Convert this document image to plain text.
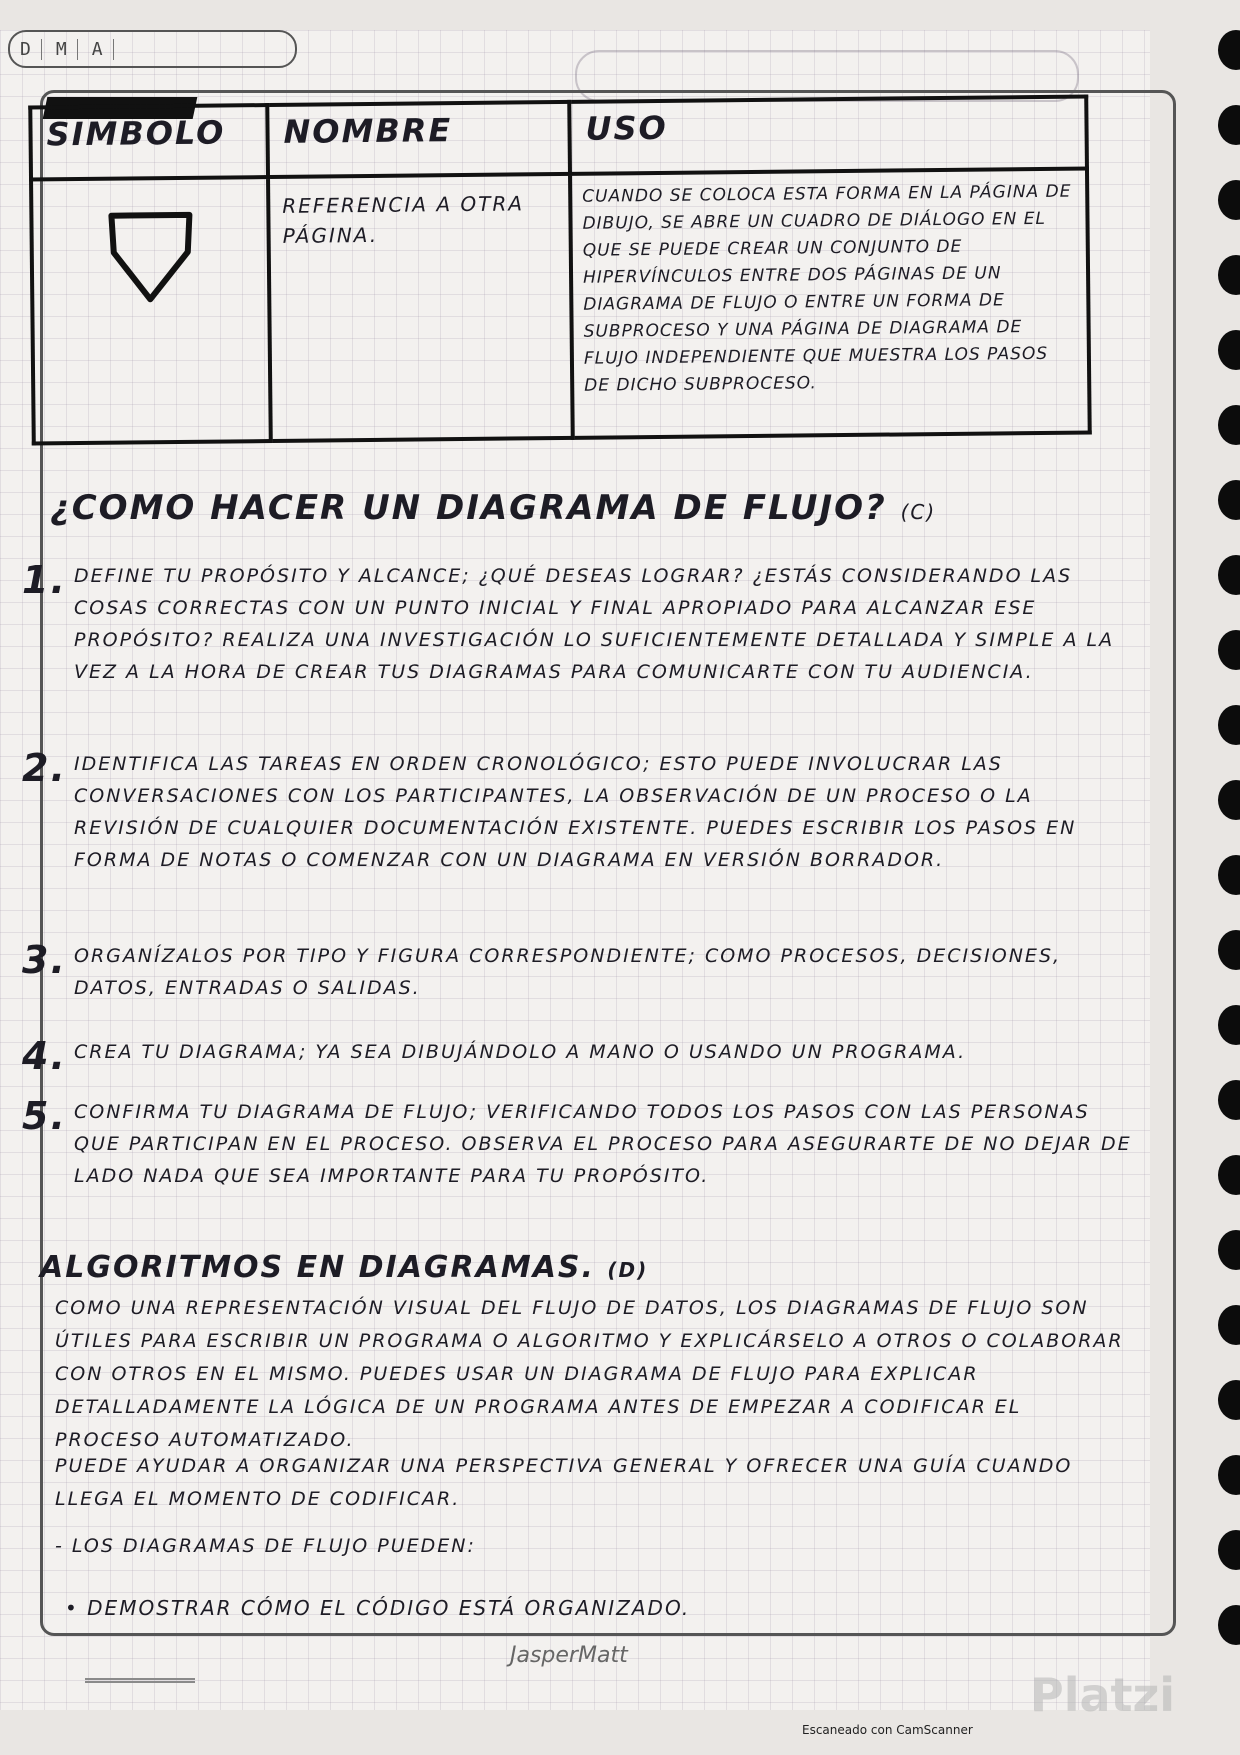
D	M	A
SIMBOLO	NOMBRE	USO

	REFERENCIA A OTRA PÁGINA.	CUANDO SE COLOCA ESTA FORMA EN LA PÁGINA DE DIBUJO, SE ABRE UN CUADRO DE DIÁLOGO EN EL QUE SE PUEDE CREAR UN CONJUNTO DE HIPERVÍNCULOS ENTRE DOS PÁGINAS DE UN DIAGRAMA DE FLUJO O ENTRE UN FORMA DE SUBPROCESO Y UNA PÁGINA DE DIAGRAMA DE FLUJO INDEPENDIENTE QUE MUESTRA LOS PASOS DE DICHO SUBPROCESO.
¿COMO HACER UN DIAGRAMA DE FLUJO? (C)
1. DEFINE TU PROPÓSITO Y ALCANCE; ¿QUÉ DESEAS LOGRAR? ¿ESTÁS CONSIDERANDO LAS COSAS CORRECTAS CON UN PUNTO INICIAL Y FINAL APROPIADO PARA ALCANZAR ESE PROPÓSITO? REALIZA UNA INVESTIGACIÓN LO SUFICIENTEMENTE DETALLADA Y SIMPLE A LA VEZ A LA HORA DE CREAR TUS DIAGRAMAS PARA COMUNICARTE CON TU AUDIENCIA.
2. IDENTIFICA LAS TAREAS EN ORDEN CRONOLÓGICO; ESTO PUEDE INVOLUCRAR LAS CONVERSACIONES CON LOS PARTICIPANTES, LA OBSERVACIÓN DE UN PROCESO O LA REVISIÓN DE CUALQUIER DOCUMENTACIÓN EXISTENTE. PUEDES ESCRIBIR LOS PASOS EN FORMA DE NOTAS O COMENZAR CON UN DIAGRAMA EN VERSIÓN BORRADOR.
3. ORGANÍZALOS POR TIPO Y FIGURA CORRESPONDIENTE; COMO PROCESOS, DECISIONES, DATOS, ENTRADAS O SALIDAS.
4. CREA TU DIAGRAMA; YA SEA DIBUJÁNDOLO A MANO O USANDO UN PROGRAMA.
5. CONFIRMA TU DIAGRAMA DE FLUJO; VERIFICANDO TODOS LOS PASOS CON LAS PERSONAS QUE PARTICIPAN EN EL PROCESO. OBSERVA EL PROCESO PARA ASEGURARTE DE NO DEJAR DE LADO NADA QUE SEA IMPORTANTE PARA TU PROPÓSITO.
ALGORITMOS EN DIAGRAMAS. (D)
COMO UNA REPRESENTACIÓN VISUAL DEL FLUJO DE DATOS, LOS DIAGRAMAS DE FLUJO SON ÚTILES PARA ESCRIBIR UN PROGRAMA O ALGORITMO Y EXPLICÁRSELO A OTROS O COLABORAR CON OTROS EN EL MISMO. PUEDES USAR UN DIAGRAMA DE FLUJO PARA EXPLICAR DETALLADAMENTE LA LÓGICA DE UN PROGRAMA ANTES DE EMPEZAR A CODIFICAR EL PROCESO AUTOMATIZADO.
PUEDE AYUDAR A ORGANIZAR UNA PERSPECTIVA GENERAL Y OFRECER UNA GUÍA CUANDO LLEGA EL MOMENTO DE CODIFICAR.
- LOS DIAGRAMAS DE FLUJO PUEDEN:
• DEMOSTRAR CÓMO EL CÓDIGO ESTÁ ORGANIZADO.
JasperMatt
Platzi
Escaneado con CamScanner
